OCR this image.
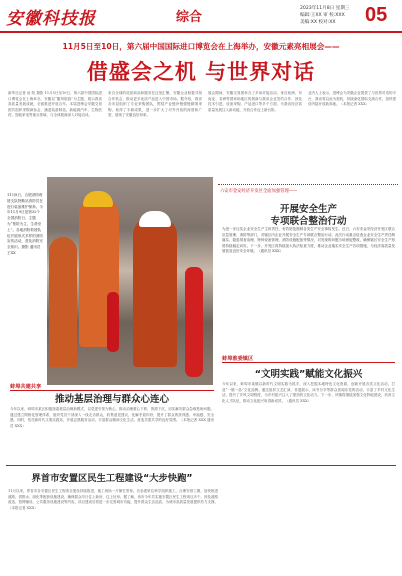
安徽科技报	综合
2023年11月8日 星期三
编辑:王XX 审 校:XXX
美编:XX 校对:XX 05
11月5日至10日，第六届中国国际进口博览会在上海举办，安徽元素亮相展会——
借盛会之机 与世界对话
新华社记者 汤 阳 摄影 11月5日至10日，第六届中国国际进口博览会在上海举办。安徽以“徽风皖韵”为主题，展示我省高质量发展成就，全面推进开放合作。本届进博会安徽交易团共组织采购商参会，涵盖装备制造、新能源汽车、生物医药、智能家电等重点领域，与全球展商深入对接洽谈。
来自全球的优质商品和服务在这里汇聚，安徽企业积极寻找合作机会，推动更多优质产品进入中国市场。据介绍，我省各市县组织了专业采购团队，围绕产业链补链强链精准采购，取得了丰硕成果，进一步扩大了对外开放的深度和广度，展现了安徽良好形象。
展会期间，安徽交易团举办了多场对接活动，来自欧洲、东南亚、非洲等国家和地区的展商与我省企业签约合作，涉及技术引进、设备采购、产品进口等多个方面，为我省经济高质量发展注入新动能，开放合作迈上新台阶。
业内人士表示，进博会为安徽企业提供了与世界对话的平台，我省将以此为契机，持续深化国际交流合作，加快建设内陆开放新高地。（本报记者 XXX）
11月8日，合肥消防救援支队特勤站消防员在进行装备维护保养。今年11月9日是第32个全国消防日，主题为“预防为主，生命至上”。各地消防救援队伍开展形式多样的消防宣传活动，普及消防安全知识。摄影 通讯员 王XX
六安市金安经济开发区全面加强管理——
开展安全生产
专项联合整治行动
为进一步压实企业安全生产主体责任，有效防范遏制各类生产安全事故发生，近日，六安市金安经济开发区联合应急管理、消防等部门，对辖区内企业开展安全生产专项联合整治行动。此次行动重点检查企业安全生产责任制落实、隐患排查治理、特种设备管理、消防设施配备等情况，对发现的问题当场督促整改，确保辖区安全生产形势持续稳定向好。下一步，开发区将持续加大执法检查力度，推动企业落实安全生产各项措施，为经济高质量发展营造良好安全环境。（通讯员 XXX）
蚌埠共建共享
推动基层治理与群众心连心
今年以来，蚌埠市某区积极探索基层治理新模式，以党建引领为核心，推动治理重心下移、资源下沉，切实解决群众急难愁盼问题。通过建立网格化管理体系，组织党员干部深入一线走访群众，收集意见建议，化解矛盾纠纷，提升了群众的获得感、幸福感、安全感。同时，依托新时代文明实践站，开展志愿服务活动，丰富群众精神文化生活，营造共建共享的良好氛围。（本报记者 XXX 通讯员 XXX）
蚌埠淮委镇区
“文明实践”赋能文化振兴
今年以来，蚌埠市某镇以新时代文明实践为抓手，深入挖掘本地特色文化资源，创新开展各类文化活动，打造“一镇一品”文化品牌。通过组织文艺汇演、非遗展示、读书分享等群众喜闻乐见的活动，丰富了乡村文化生活，提升了乡风文明程度，为乡村振兴注入了强劲的文化动力。下一步，该镇将继续加强文化阵地建设，培育文化人才队伍，推动文化振兴取得新成效。（通讯员 XXX）
界首市安置区民生工程建设“大步快跑”
11月以来，界首市各安置区民生工程项目建设持续推进，施工现场一片繁忙景象。各参建单位科学组织施工，合理安排工期，加快推进道路、供排水、绿化等配套设施建设，确保群众早日住上新房、住上好房。据了解，该市今年共实施安置区民生工程项目多个，涉及道路改造、管网铺设、公共服务设施建设等内容，项目建成后将进一步完善城市功能，提升群众生活品质，为城市高质量发展提供有力支撑。（本报记者 XXX）
